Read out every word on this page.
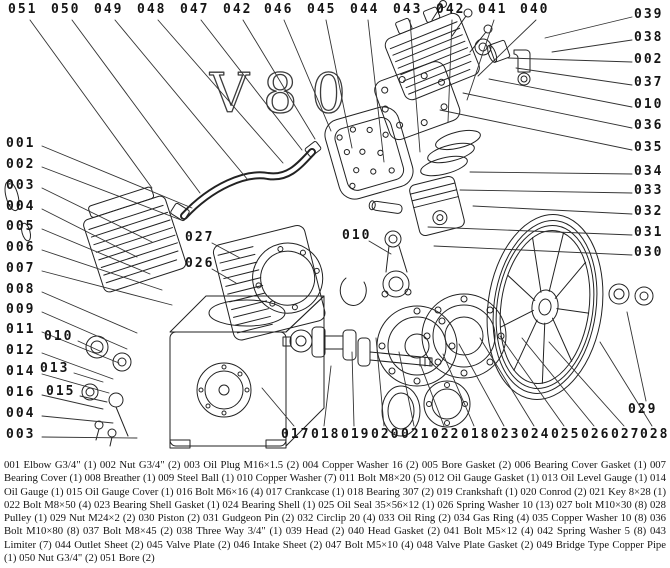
V80
051 050 049 048 047 042 046 045 044 043 042 041 040	039
038
002
037
010
036
035
034
033
032
031
030
001
002
003
004
005
006
007
008
009
011
012
014
016
004
003
010
013
015
027
026
010
017 018 019 020 021 022 018 023 024 025 026 027 028
029
001 Elbow G3/4" (1) 002 Nut G3/4" (2) 003 Oil Plug M16×1.5 (2) 004 Copper Washer 16 (2) 005 Bore Gasket (2) 006 Bearing Cover Gasket (1) 007 Bearing Cover (1) 008 Breather (1) 009 Steel Ball (1) 010 Copper Washer (7) 011 Bolt M8×20 (5) 012 Oil Gauge Gasket (1) 013 Oil Level Gauge (1) 014 Oil Gauge (1) 015 Oil Gauge Cover (1) 016 Bolt M6×16 (4) 017 Crankcase (1) 018 Bearing 307 (2) 019 Crankshaft (1) 020 Conrod (2) 021 Key 8×28 (1) 022 Bolt M8×50 (4) 023 Bearing Shell Gasket (1) 024 Bearing Shell (1) 025 Oil Seal 35×56×12 (1) 026 Spring Washer 10 (13) 027 bolt M10×30 (8) 028 Pulley (1) 029 Nut M24×2 (2) 030 Piston (2) 031 Gudgeon Pin (2) 032 Circlip 20 (4) 033 Oil Ring (2) 034 Gas Ring (4) 035 Copper Washer 10 (8) 036 Bolt M10×80 (8) 037 Bolt M8×45 (2) 038 Three Way 3/4" (1) 039 Head (2) 040 Head Gasket (2) 041 Bolt M5×12 (4) 042 Spring Washer 5 (8) 043 Limiter (7) 044 Outlet Sheet (2) 045 Valve Plate (2) 046 Intake Sheet (2) 047 Bolt M5×10 (4) 048 Valve Plate Gasket (2) 049 Bridge Type Copper Pipe (1) 050 Nut G3/4" (2) 051 Bore (2)
